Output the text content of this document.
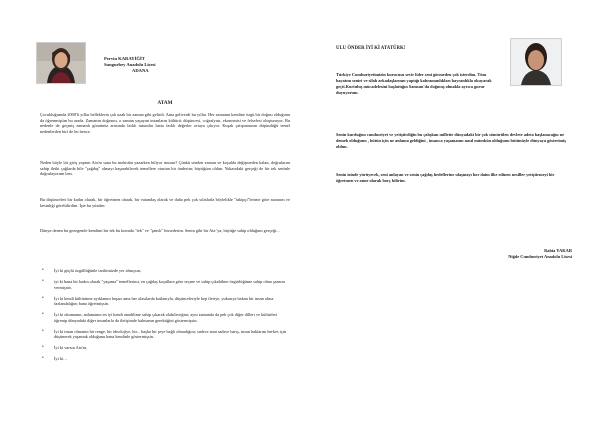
Pervin KARAYİĞİT
Sungurbey Anadolu Lisesi
ADANA
ATAM

Çocukluğumda 2000'li yıllar belleklerin çok uzak bir zaman gibi gelirdi. Ama geliverdi bu yıllar. Her zamanın kendine özgü bir doğası olduğunu da öğrenmiştim bu arada. Zamanın doğasını, o zaman yaşayan insanların kültürü, düşüncesi, coğrafyası, ekonomisi ve felsefesi oluşturuyor. Bu nedenle de geçmiş zamanlı gömünüz arasında farklı tutumlar hatta farklı değerler ortaya çıkıyor. Kuşak çatışmasının düşündüğü temel nedenlerden biri de bu bence.

Neden böyle bir giriş yaptım Ata'm sana bu mektubu yazarken biliyor musun? Çünkü senden zaman ve koşulda değişmeden kalan, doğrularını sahip iletki çağlarda bile "çağdaş" olmayı başarabilecek temellere oturtan bir önderim; büyüğüm oldun. Yukarıdaki gerçeği de bir tek seninle doğrulayorum ben.

Bu düşünceleri bir kadın olarak, bir öğretmen olarak, bir vatandaş olarak ve daha pek çok sıfatlarla böylelikle "takipçi"lerime göre sunarım ve kesinliği görebilirdim. İşte bu yüzden

Dünya denen bu gezegende kendimi bir tek bu konuda "tek" ve "şanslı" hissederim. Senin gibi bir Ata 'ya, büyüğe sahip olduğum gerçeği...

• İyi ki güçlü özgüllüğünle tarihimizde yer almışsın,
• iyi ki bana bir kadın olarak "yaşama" temellerimi, en çağdaş koşullara göre seçme ve sahip çıkabilme özgürlüğüme sahip olma şansını vermişsin.
• İyi ki kendi kültürüme ayıklanmı başarı ama her olasılarda katlanıyla, düşünceleriyle hep ileriye, yukarıya bakan bir insan olma fazlandalığını bana öğretmişsin.
• İyi ki okumanın, anlamanın en iyi kendi anadilime sahip çıkarak olabileceğini; aynı zamanda da pek çok diğer dilleri ve kültürleri öğrenip dünyadaki diğer insanlarla da iletişimde kalmanın gerektiğini göstermişsin.
• İyi ki insan olmanın bir renge, bir ideolojiye, bir... başka bir şeye bağlı olmadığını; sadece ama sadece barış, insan haklarını herkes için düşünerek yaşamak olduğunu bana kendinle göstermişsin.
• İyi ki varsın Ata'm,
• İyi ki…
ULU ÖNDER İYİ Kİ ATATÜRK!

Türkiye Cumhuriyetimizin kurucusu sevir lider seni görmedeu çok isterdim. Tüm hayatım seniri ve silah arkadaşlarının yaptığı kahramanlıkları hayranlıkla okuyarak geçti.Kurtuluş mücadelesini başlattığın Samsun'da doğmuş olmakla ayrıca gurur duyuyorum.

Senin kurduğun cumhuriyet ve yetiştirdiğin bu çalışkan millette dünyadaki bir çok sömürülen devlete adeta başlanacağın ne demek olduğunu , bütün için ne anlama geldiğini , insanca yaşamanın nasıl mümkün olduğunu bütünüyle dünyaya gösterimiş oldun.

Senin izinde yürüyecek, seni anlayan ve senin çağdaş hedeflerine ulaşmayı hor daim ilke edinen nesiller yetiştirmeyi bir öğretmen ve anne olarak borç bilirim.

Rabia YAKAR
Niğde Cumhuriyet Anadolu Lisesi
